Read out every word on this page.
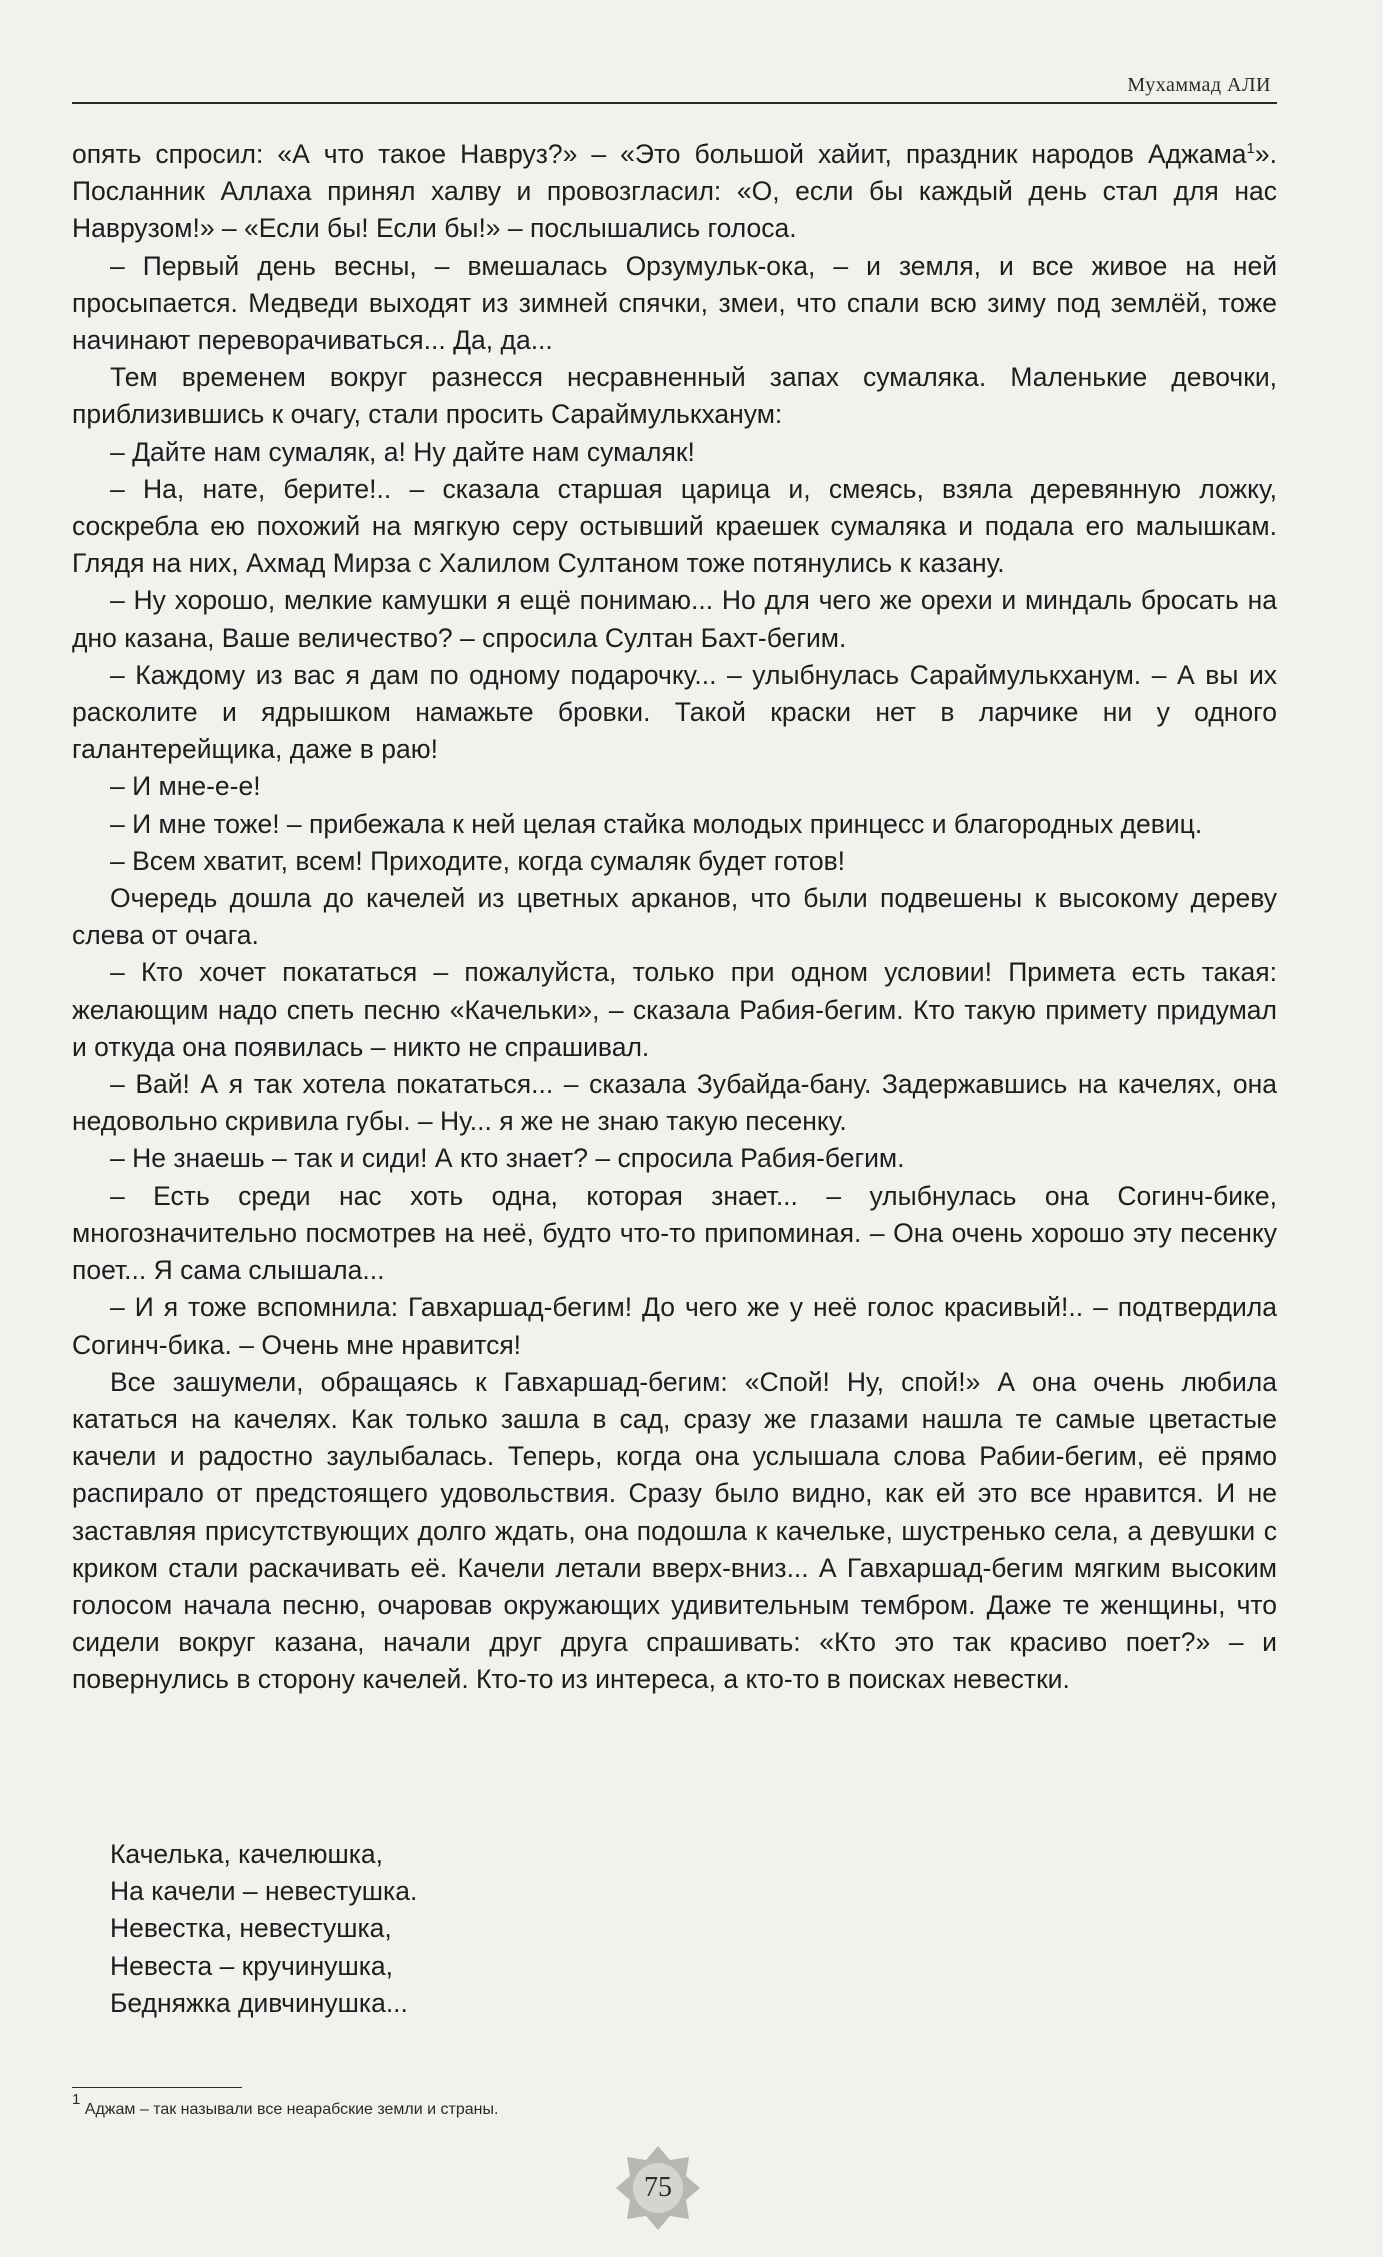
Мухаммад АЛИ

опять спросил: «А что такое Навруз?» – «Это большой хайит, праздник народов Аджама$^1$». Посланник Аллаха принял халву и провозгласил: «О, если бы каждый день стал для нас Наврузом!» – «Если бы! Если бы!» – послышались голоса.

– Первый день весны, – вмешалась Орзумульк-ока, – и земля, и все живое на ней просыпается. Медведи выходят из зимней спячки, змеи, что спали всю зиму под землёй, тоже начинают переворачиваться... Да, да...

Тем временем вокруг разнесся несравненный запах сумаляка. Маленькие девочки, приблизившись к очагу, стали просить Сараймулькханум:

– Дайте нам сумаляк, а! Ну дайте нам сумаляк!

– На, нате, берите!.. – сказала старшая царица и, смеясь, взяла деревянную ложку, соскребла ею похожий на мягкую серу остывший краешек сумаляка и подала его малышкам. Глядя на них, Ахмад Мирза с Халилом Султаном тоже потянулись к казану.

– Ну хорошо, мелкие камушки я ещё понимаю... Но для чего же орехи и миндаль бросать на дно казана, Ваше величество? – спросила Султан Бахт-бегим.

– Каждому из вас я дам по одному подарочку... – улыбнулась Сараймулькханум. – А вы их расколите и ядрышком намажьте бровки. Такой краски нет в ларчике ни у одного галантерейщика, даже в раю!

– И мне-е-е!

– И мне тоже! – прибежала к ней целая стайка молодых принцесс и благородных девиц.

– Всем хватит, всем! Приходите, когда сумаляк будет готов!

Очередь дошла до качелей из цветных арканов, что были подвешены к высокому дереву слева от очага.

– Кто хочет покататься – пожалуйста, только при одном условии! Примета есть такая: желающим надо спеть песню «Качельки», – сказала Рабия-бегим. Кто такую примету придумал и откуда она появилась – никто не спрашивал.

– Вай! А я так хотела покататься... – сказала Зубайда-бану. Задержавшись на качелях, она недовольно скривила губы. – Ну... я же не знаю такую песенку.

– Не знаешь – так и сиди! А кто знает? – спросила Рабия-бегим.

– Есть среди нас хоть одна, которая знает... – улыбнулась она Согинч-бике, многозначительно посмотрев на неё, будто что-то припоминая. – Она очень хорошо эту песенку поет... Я сама слышала...

– И я тоже вспомнила: Гавхаршад-бегим! До чего же у неё голос красивый!.. – подтвердила Согинч-бика. – Очень мне нравится!

Все зашумели, обращаясь к Гавхаршад-бегим: «Спой! Ну, спой!» А она очень любила кататься на качелях. Как только зашла в сад, сразу же глазами нашла те самые цветастые качели и радостно заулыбалась. Теперь, когда она услышала слова Рабии-бегим, её прямо распирало от предстоящего удовольствия. Сразу было видно, как ей это все нравится. И не заставляя присутствующих долго ждать, она подошла к качельке, шустренько села, а девушки с криком стали раскачивать её. Качели летали вверх-вниз... А Гавхаршад-бегим мягким высоким голосом начала песню, очаровав окружающих удивительным тембром. Даже те женщины, что сидели вокруг казана, начали друг друга спрашивать: «Кто это так красиво поет?» – и повернулись в сторону качелей. Кто-то из интереса, а кто-то в поисках невестки.

Качелька, качелюшка,
На качели – невестушка.
Невестка, невестушка,
Невеста – кручинушка,
Бедняжка дивчинушка...
$^1$ Аджам – так называли все неарабские земли и страны.
75
